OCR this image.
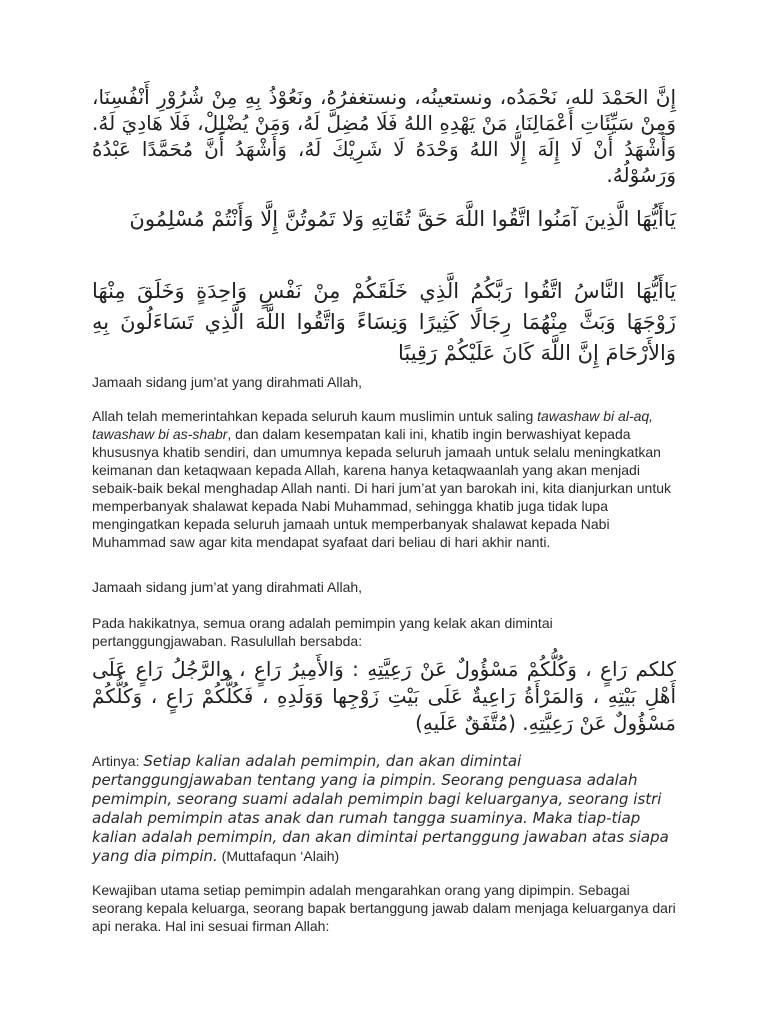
إِنَّ الحَمْدَ لله، نَحْمَدُه، ونستعينُه، ونستغفرُهُ، ونَعُوْذُ بِهِ مِنْ شُرُوْرِ أَنْفُسِنَا، وَمِنْ سَيِّئَاتِ أَعْمَالِنَا، مَنْ يَهْدِهِ اللهُ فَلَا مُضِلَّ لَهُ، وَمَنْ يُضْلِلْ، فَلَا هَادِيَ لَهُ. وَأَشْهَدُ أَنْ لَا إِلَهَ إِلَّا اللهُ وَحْدَهُ لَا شَرِيْكَ لَهُ، وَأَشْهَدُ أَنَّ مُحَمَّدًا عَبْدُهُ وَرَسُوْلُهُ.

يَاأَيُّهَا الَّذِينَ آمَنُوا اتَّقُوا اللَّهَ حَقَّ تُقَاتِهِ وَلا تَمُوتُنَّ إِلَّا وَأَنْتُمْ مُسْلِمُونَ

يَاأَيُّهَا النَّاسُ اتَّقُوا رَبَّكُمُ الَّذِي خَلَقَكُمْ مِنْ نَفْسٍ وَاحِدَةٍ وَخَلَقَ مِنْهَا زَوْجَهَا وَبَثَّ مِنْهُمَا رِجَالًا كَثِيرًا وَنِسَاءً وَاتَّقُوا اللَّهَ الَّذِي تَسَاءَلُونَ بِهِ وَالأَرْحَامَ إِنَّ اللَّهَ كَانَ عَلَيْكُمْ رَقِيبًا

Jamaah sidang jum’at yang dirahmati Allah,

Allah telah memerintahkan kepada seluruh kaum muslimin untuk saling tawashaw bi al-aq, tawashaw bi as-shabr, dan dalam kesempatan kali ini, khatib ingin berwashiyat kepada khususnya khatib sendiri, dan umumnya kepada seluruh jamaah untuk selalu meningkatkan keimanan dan ketaqwaan kepada Allah, karena hanya ketaqwaanlah yang akan menjadi sebaik-baik bekal menghadap Allah nanti. Di hari jum’at yan barokah ini, kita dianjurkan untuk memperbanyak shalawat kepada Nabi Muhammad, sehingga khatib juga tidak lupa mengingatkan kepada seluruh jamaah untuk memperbanyak shalawat kepada Nabi Muhammad saw agar kita mendapat syafaat dari beliau di hari akhir nanti.

Jamaah sidang jum’at yang dirahmati Allah,

Pada hakikatnya, semua orang adalah pemimpin yang kelak akan dimintai pertanggungjawaban. Rasulullah bersabda:

كلكم رَاعٍ ، وَكُلُّكُمْ مَسْؤُولٌ عَنْ رَعِيَّتِهِ : وَالأَمِيرُ رَاعٍ ، والرَّجُلُ رَاعٍ عَلَى أَهْلِ بَيْتِهِ ، وَالمَرْأَةُ رَاعِيةٌ عَلَى بَيْتِ زَوْجِها وَوَلَدِهِ ، فَكُلُّكُمْ رَاعٍ ، وَكُلُّكُمْ مَسْؤُولٌ عَنْ رَعِيَّتِهِ. (مُتَّفَقٌ عَلَيهِ)

Artinya: Setiap kalian adalah pemimpin, dan akan dimintai pertanggungjawaban tentang yang ia pimpin. Seorang penguasa adalah pemimpin, seorang suami adalah pemimpin bagi keluarganya, seorang istri adalah pemimpin atas anak dan rumah tangga suaminya. Maka tiap-tiap kalian adalah pemimpin, dan akan dimintai pertanggung jawaban atas siapa yang dia pimpin. (Muttafaqun ‘Alaih)

Kewajiban utama setiap pemimpin adalah mengarahkan orang yang dipimpin. Sebagai seorang kepala keluarga, seorang bapak bertanggung jawab dalam menjaga keluarganya dari api neraka. Hal ini sesuai firman Allah:
